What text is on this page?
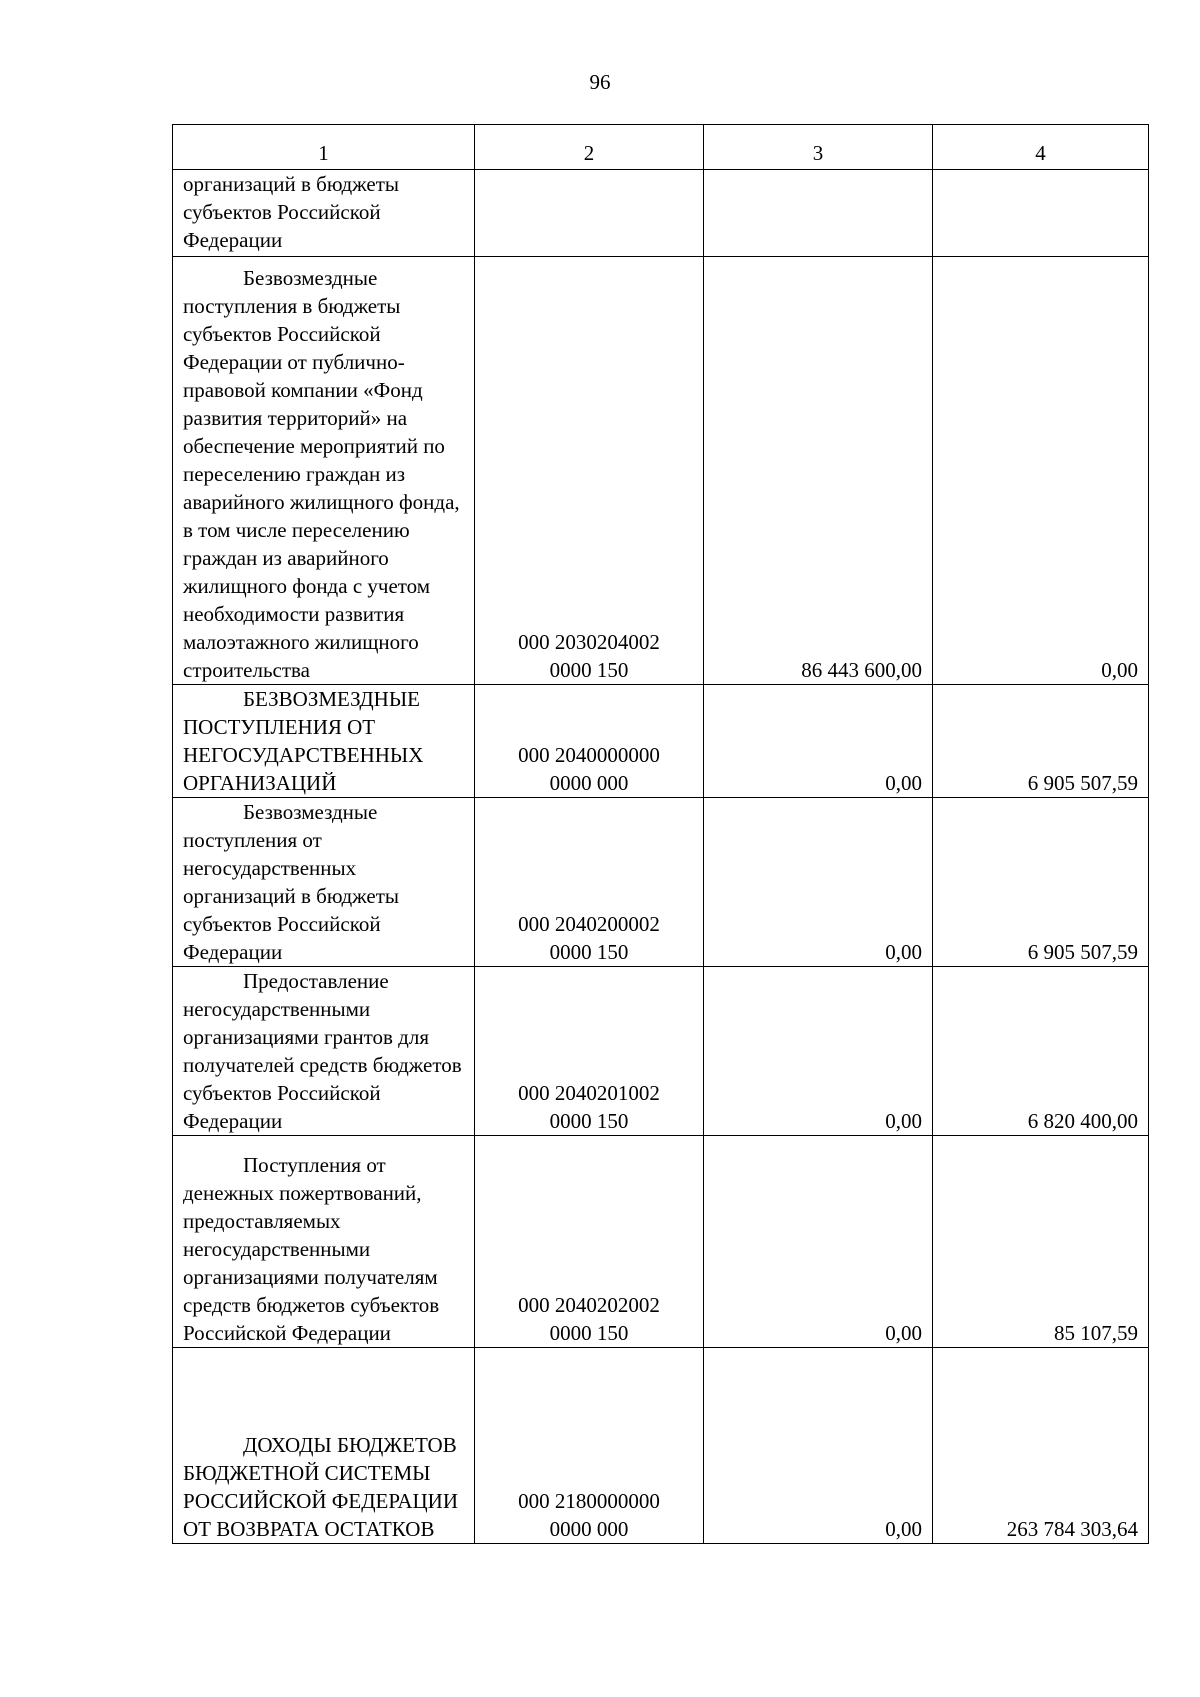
96
1	2	3	4
организаций в бюджеты субъектов Российской Федерации			
Безвозмездные поступления в бюджеты субъектов Российской Федерации от публично-правовой компании «Фонд развития территорий» на обеспечение мероприятий по переселению граждан из аварийного жилищного фонда, в том числе переселению граждан из аварийного жилищного фонда с учетом необходимости развития малоэтажного жилищного строительства	000 2030204002
0000 150	86 443 600,00	0,00
БЕЗВОЗМЕЗДНЫЕ ПОСТУПЛЕНИЯ ОТ НЕГОСУДАРСТВЕННЫХ ОРГАНИЗАЦИЙ	000 2040000000
0000 000	0,00	6 905 507,59
Безвозмездные поступления от негосударственных организаций в бюджеты субъектов Российской Федерации	000 2040200002
0000 150	0,00	6 905 507,59
Предоставление негосударственными организациями грантов для получателей средств бюджетов субъектов Российской Федерации	000 2040201002
0000 150	0,00	6 820 400,00
Поступления от денежных пожертвований, предоставляемых негосударственными организациями получателям средств бюджетов субъектов Российской Федерации	000 2040202002
0000 150	0,00	85 107,59
ДОХОДЫ БЮДЖЕТОВ БЮДЖЕТНОЙ СИСТЕМЫ РОССИЙСКОЙ ФЕДЕРАЦИИ ОТ ВОЗВРАТА ОСТАТКОВ	000 2180000000
0000 000	0,00	263 784 303,64
